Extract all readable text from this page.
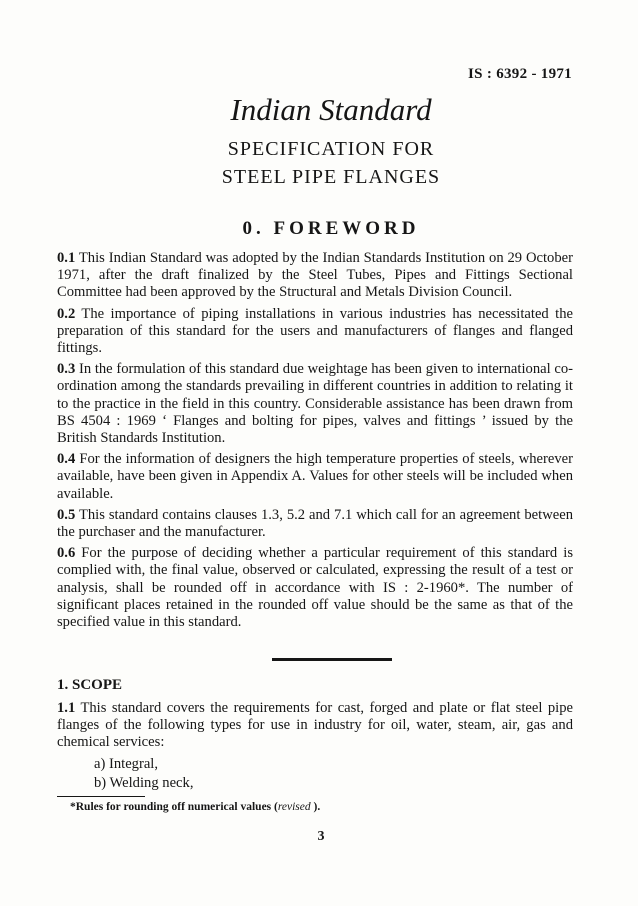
IS : 6392 - 1971
Indian Standard
SPECIFICATION FOR
STEEL PIPE FLANGES
0. FOREWORD

0.1 This Indian Standard was adopted by the Indian Standards Institution on 29 October 1971, after the draft finalized by the Steel Tubes, Pipes and Fittings Sectional Committee had been approved by the Structural and Metals Division Council.

0.2 The importance of piping installations in various industries has necessitated the preparation of this standard for the users and manufacturers of flanges and flanged fittings.

0.3 In the formulation of this standard due weightage has been given to international co-ordination among the standards prevailing in different countries in addition to relating it to the practice in the field in this country. Considerable assistance has been drawn from BS 4504 : 1969 ‘ Flanges and bolting for pipes, valves and fittings ’ issued by the British Standards Institution.

0.4 For the information of designers the high temperature properties of steels, wherever available, have been given in Appendix A. Values for other steels will be included when available.

0.5 This standard contains clauses 1.3, 5.2 and 7.1 which call for an agreement between the purchaser and the manufacturer.

0.6 For the purpose of deciding whether a particular requirement of this standard is complied with, the final value, observed or calculated, expressing the result of a test or analysis, shall be rounded off in accordance with IS : 2-1960*. The number of significant places retained in the rounded off value should be the same as that of the specified value in this standard.

1. SCOPE

1.1 This standard covers the requirements for cast, forged and plate or flat steel pipe flanges of the following types for use in industry for oil, water, steam, air, gas and chemical services:

a) Integral,
b) Welding neck,
*Rules for rounding off numerical values (revised ).
3
